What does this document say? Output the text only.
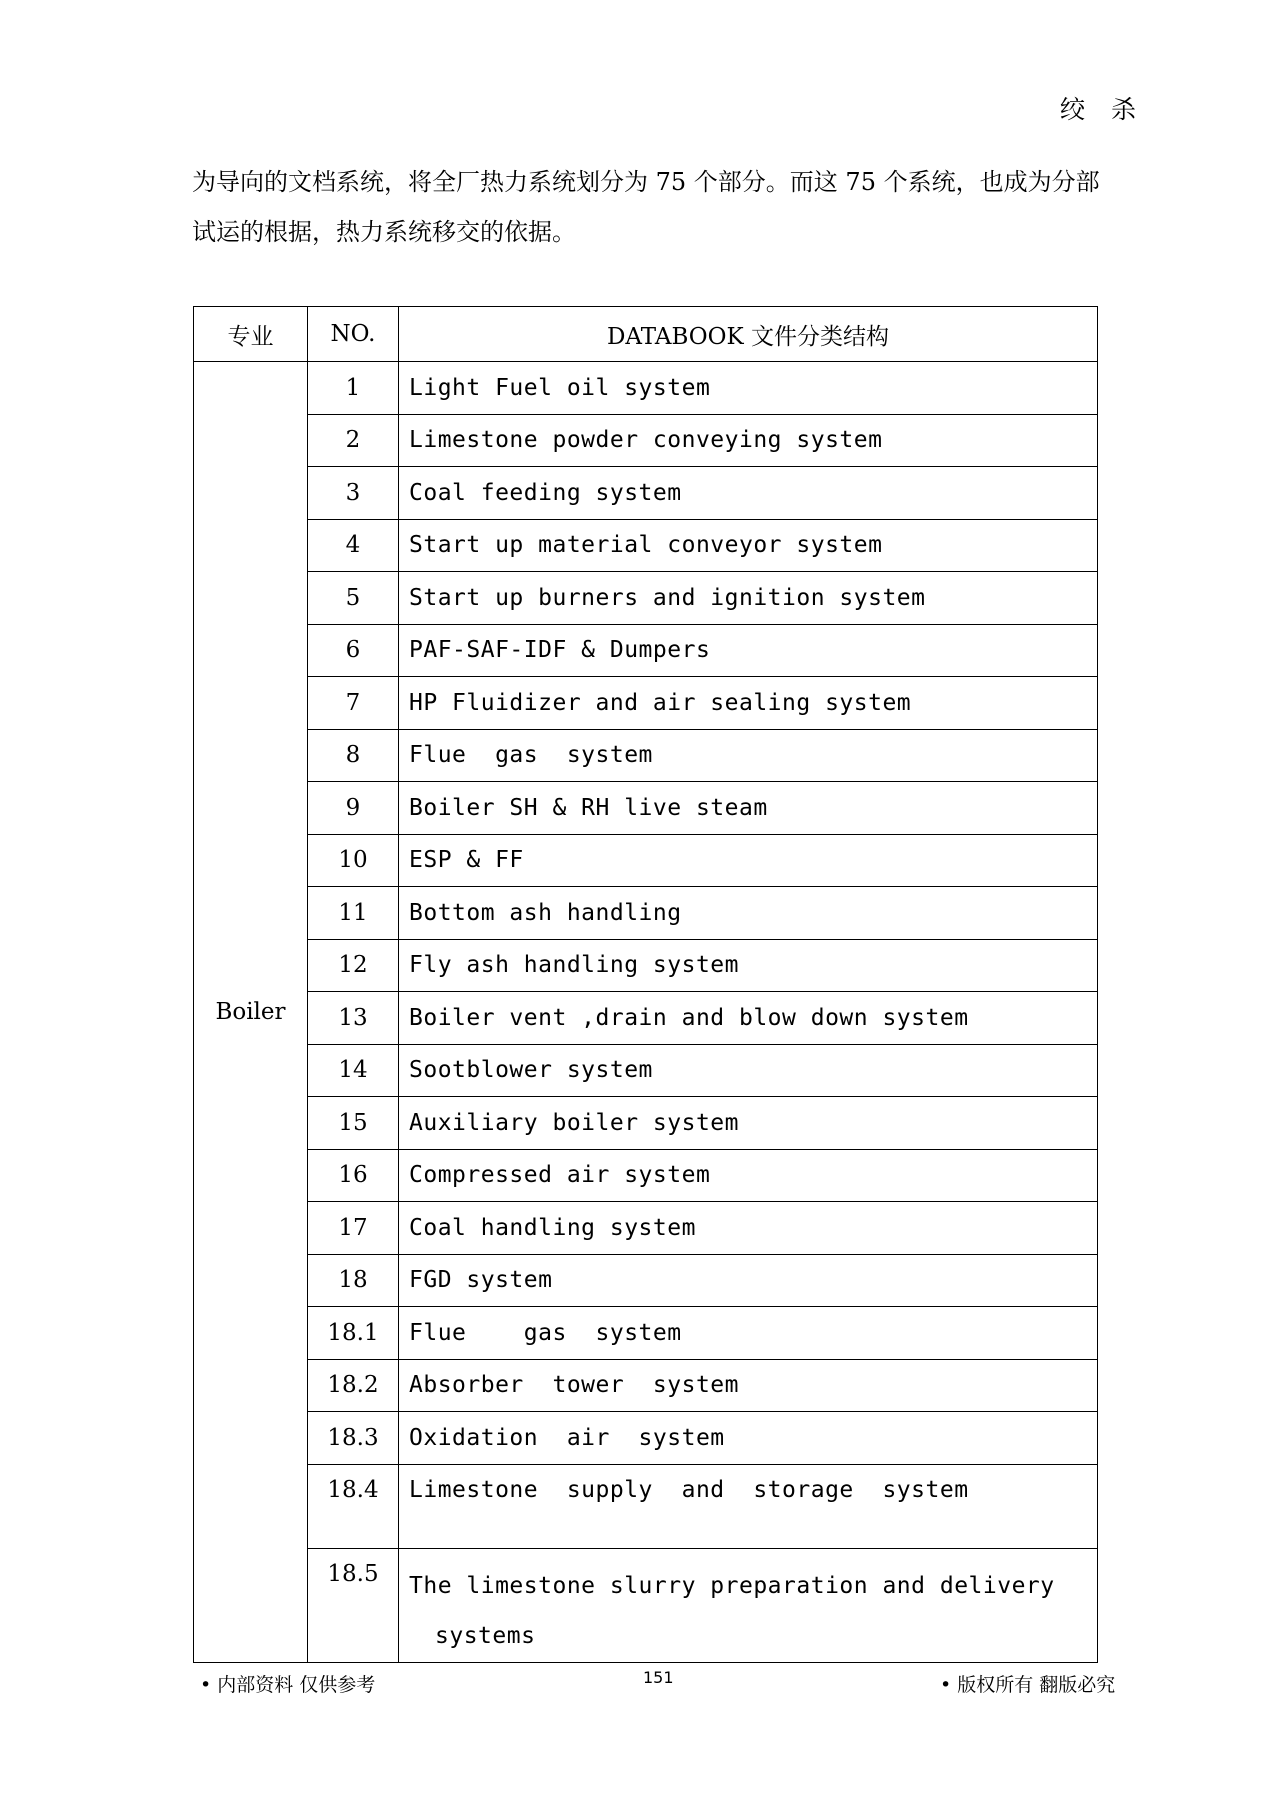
绞 杀
为导向的文档系统，将全厂热力系统划分为 75 个部分。而这 75 个系统，也成为分部试运的根据，热力系统移交的依据。
专业	NO.	DATABOOK 文件分类结构
Boiler	1	Light Fuel oil system
	2	Limestone powder conveying system
	3	Coal feeding system
	4	Start up material conveyor system
	5	Start up burners and ignition system
	6	PAF-SAF-IDF & Dumpers
	7	HP Fluidizer and air sealing system
	8	Flue  gas  system
	9	Boiler SH & RH live steam
	10	ESP & FF
	11	Bottom ash handling
	12	Fly ash handling system
	13	Boiler vent ,drain and blow down system
	14	Sootblower system
	15	Auxiliary boiler system
	16	Compressed air system
	17	Coal handling system
	18	FGD system
	18.1	Flue    gas  system
	18.2	Absorber  tower  system
	18.3	Oxidation  air  system
	18.4	Limestone  supply  and  storage  system
	18.5	The limestone slurry preparation and delivery
systems
• 内部资料 仅供参考	151	• 版权所有 翻版必究
